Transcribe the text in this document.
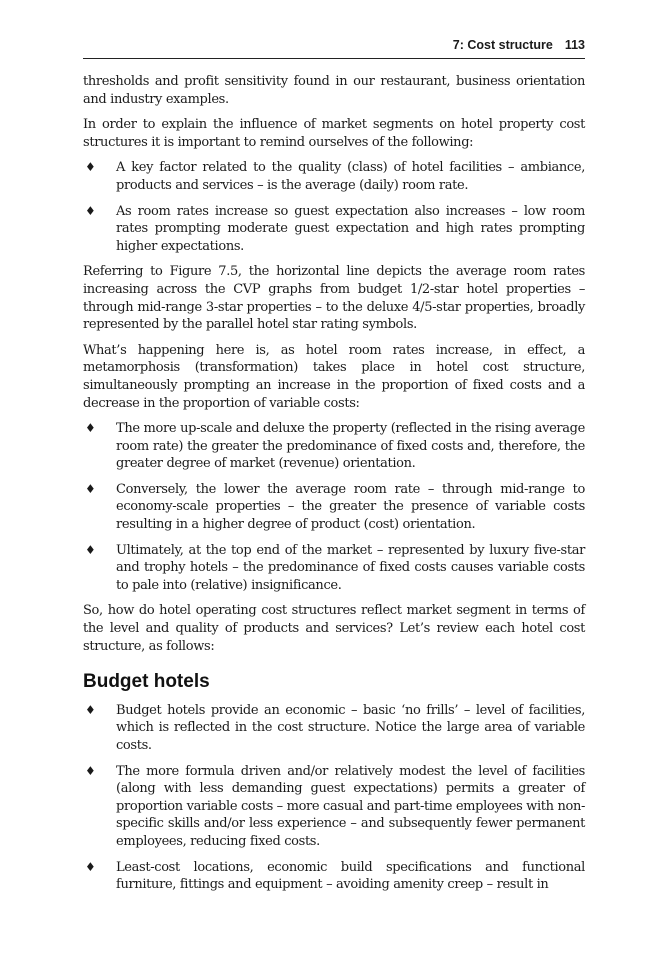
7: Cost structure 113

thresholds and profit sensitivity found in our restaurant, business orientation and industry examples.

In order to explain the influence of market segments on hotel property cost structures it is important to remind ourselves of the following:

♦ A key factor related to the quality (class) of hotel facilities – ambiance, products and services – is the average (daily) room rate.
♦ As room rates increase so guest expectation also increases – low room rates prompting moderate guest expectation and high rates prompting higher expectations.

Referring to Figure 7.5, the horizontal line depicts the average room rates increasing across the CVP graphs from budget 1/2-star hotel properties – through mid-range 3-star properties – to the deluxe 4/5-star properties, broadly represented by the parallel hotel star rating symbols.

What’s happening here is, as hotel room rates increase, in effect, a metamorphosis (transformation) takes place in hotel cost structure, simultaneously prompting an increase in the proportion of fixed costs and a decrease in the proportion of variable costs:

♦ The more up-scale and deluxe the property (reflected in the rising average room rate) the greater the predominance of fixed costs and, therefore, the greater degree of market (revenue) orientation.
♦ Conversely, the lower the average room rate – through mid-range to economy-scale properties – the greater the presence of variable costs resulting in a higher degree of product (cost) orientation.
♦ Ultimately, at the top end of the market – represented by luxury five-star and trophy hotels – the predominance of fixed costs causes variable costs to pale into (relative) insignificance.

So, how do hotel operating cost structures reflect market segment in terms of the level and quality of products and services? Let’s review each hotel cost structure, as follows:

Budget hotels
♦ Budget hotels provide an economic – basic ‘no frills’ – level of facilities, which is reflected in the cost structure. Notice the large area of variable costs.
♦ The more formula driven and/or relatively modest the level of facilities (along with less demanding guest expectations) permits a greater of proportion variable costs – more casual and part-time employees with non-specific skills and/or less experience – and subsequently fewer permanent employees, reducing fixed costs.
♦ Least-cost locations, economic build specifications and functional furniture, fittings and equipment – avoiding amenity creep – result in
